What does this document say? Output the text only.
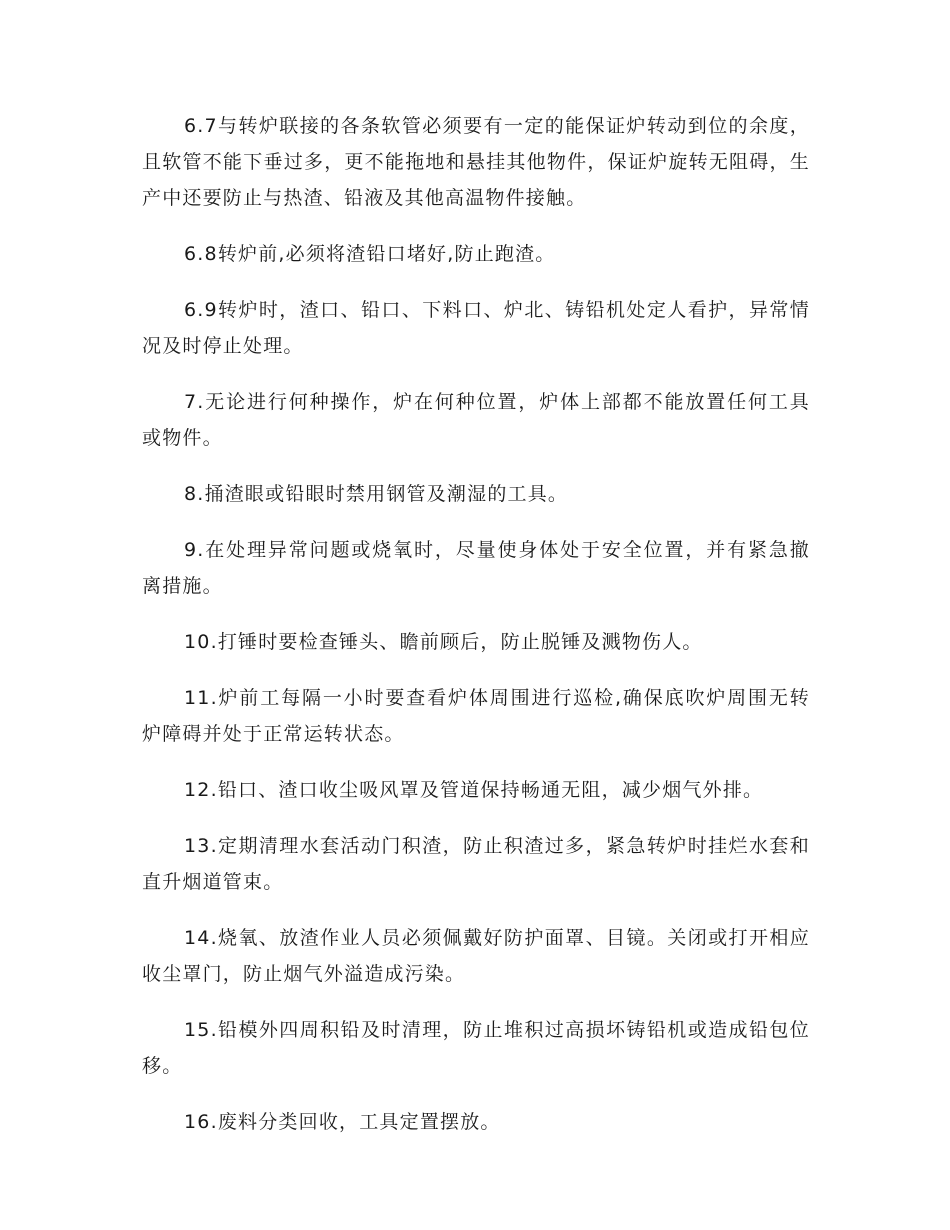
6.7与转炉联接的各条软管必须要有一定的能保证炉转动到位的余度，且软管不能下垂过多，更不能拖地和悬挂其他物件，保证炉旋转无阻碍，生产中还要防止与热渣、铅液及其他高温物件接触。

6.8转炉前,必须将渣铅口堵好,防止跑渣。

6.9转炉时，渣口、铅口、下料口、炉北、铸铅机处定人看护，异常情况及时停止处理。

7.无论进行何种操作，炉在何种位置，炉体上部都不能放置任何工具或物件。

8.捅渣眼或铅眼时禁用钢管及潮湿的工具。

9.在处理异常问题或烧氧时，尽量使身体处于安全位置，并有紧急撤离措施。

10.打锤时要检查锤头、瞻前顾后，防止脱锤及溅物伤人。

11.炉前工每隔一小时要查看炉体周围进行巡检,确保底吹炉周围无转炉障碍并处于正常运转状态。

12.铅口、渣口收尘吸风罩及管道保持畅通无阻，减少烟气外排。

13.定期清理水套活动门积渣，防止积渣过多，紧急转炉时挂烂水套和直升烟道管束。

14.烧氧、放渣作业人员必须佩戴好防护面罩、目镜。关闭或打开相应收尘罩门，防止烟气外溢造成污染。

15.铅模外四周积铅及时清理，防止堆积过高损坏铸铅机或造成铅包位移。

16.废料分类回收，工具定置摆放。
